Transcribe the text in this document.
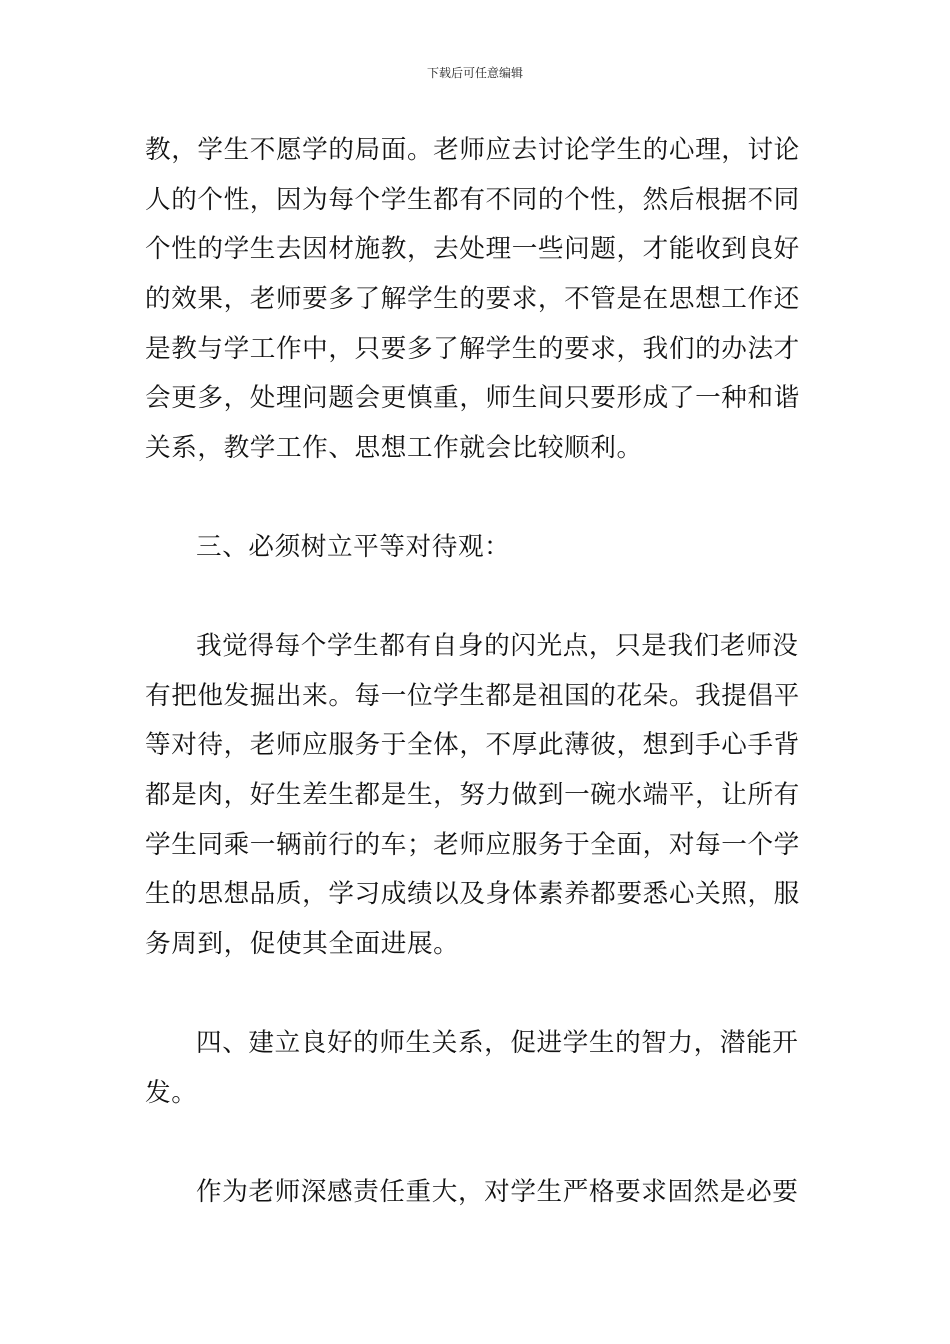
下载后可任意编辑
教，学生不愿学的局面。老师应去讨论学生的心理，讨论
人的个性，因为每个学生都有不同的个性，然后根据不同
个性的学生去因材施教，去处理一些问题，才能收到良好
的效果，老师要多了解学生的要求，不管是在思想工作还
是教与学工作中，只要多了解学生的要求，我们的办法才
会更多，处理问题会更慎重，师生间只要形成了一种和谐
关系，教学工作、思想工作就会比较顺利。
三、必须树立平等对待观：
我觉得每个学生都有自身的闪光点，只是我们老师没
有把他发掘出来。每一位学生都是祖国的花朵。我提倡平
等对待，老师应服务于全体，不厚此薄彼，想到手心手背
都是肉，好生差生都是生，努力做到一碗水端平，让所有
学生同乘一辆前行的车；老师应服务于全面，对每一个学
生的思想品质，学习成绩以及身体素养都要悉心关照，服
务周到，促使其全面进展。
四、建立良好的师生关系，促进学生的智力，潜能开
发。
作为老师深感责任重大，对学生严格要求固然是必要
